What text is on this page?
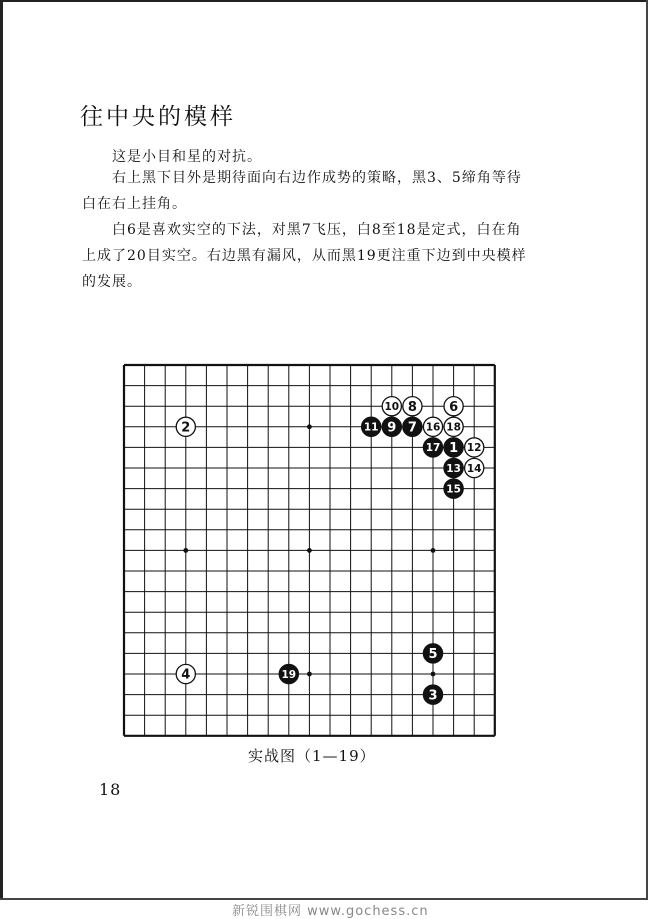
往中央的模样

这是小目和星的对抗。

右上黑下目外是期待面向右边作成势的策略，黑3、5缔角等待白在右上挂角。

白6是喜欢实空的下法，对黑7飞压，白8至18是定式，白在角上成了20目实空。右边黑有漏风，从而黑19更注重下边到中央模样的发展。

1
2
3
4
5
6
7
8
9
10
11
12
13 14
15
16
17
18
19
实战图（1—19）
18
新锐围棋网 www.gochess.cn
